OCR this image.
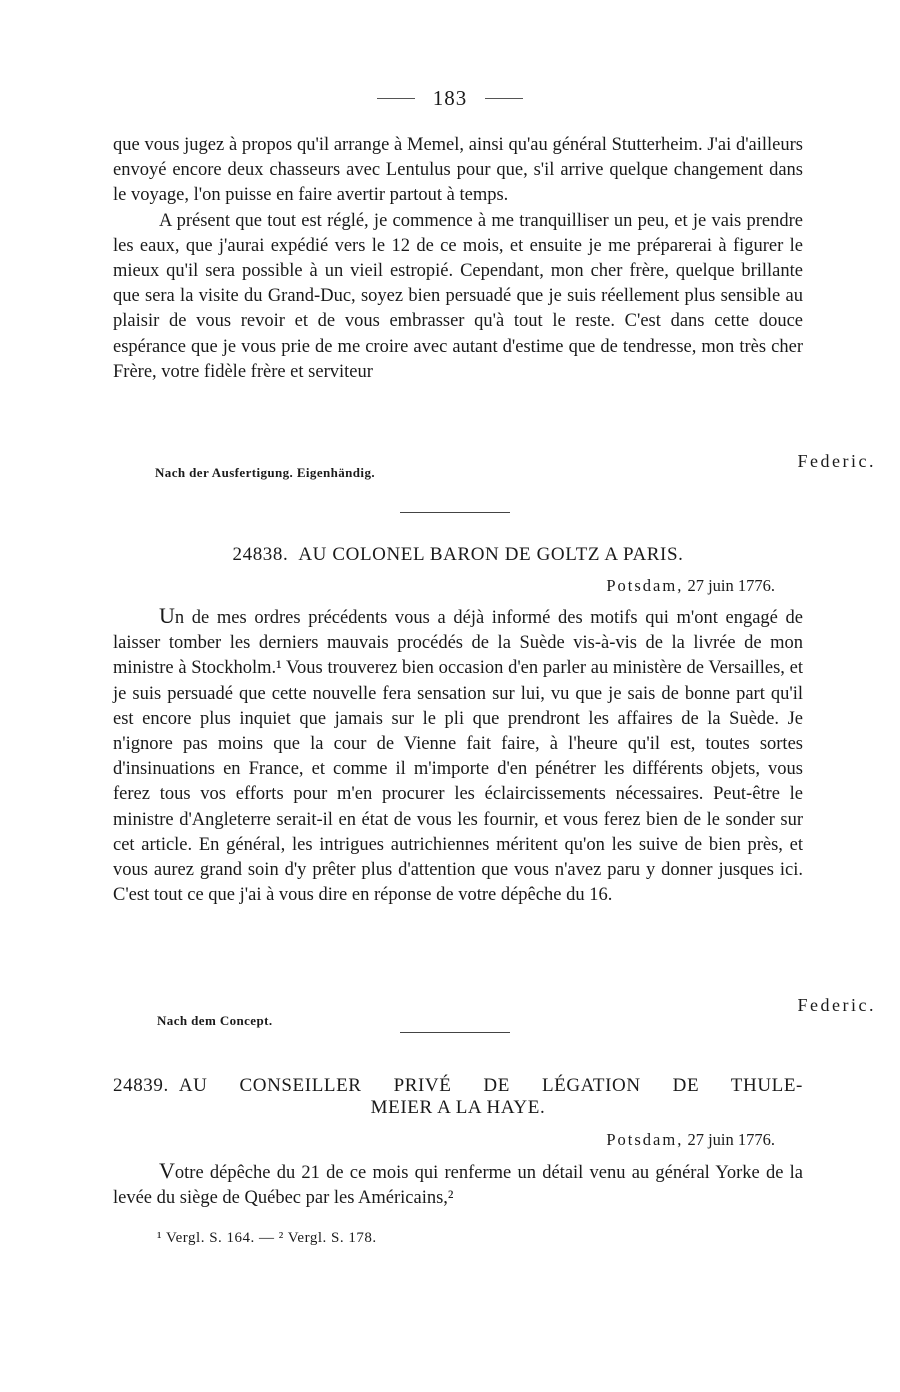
183

que vous jugez à propos qu'il arrange à Memel, ainsi qu'au général Stutterheim. J'ai d'ailleurs envoyé encore deux chasseurs avec Lentulus pour que, s'il arrive quelque changement dans le voyage, l'on puisse en faire avertir partout à temps.

A présent que tout est réglé, je commence à me tranquilliser un peu, et je vais prendre les eaux, que j'aurai expédié vers le 12 de ce mois, et ensuite je me préparerai à figurer le mieux qu'il sera possible à un vieil estropié. Cependant, mon cher frère, quelque brillante que sera la visite du Grand-Duc, soyez bien persuadé que je suis réellement plus sensible au plaisir de vous revoir et de vous embrasser qu'à tout le reste. C'est dans cette douce espérance que je vous prie de me croire avec autant d'estime que de tendresse, mon très cher Frère, votre fidèle frère et serviteur

Federic.
Nach der Ausfertigung. Eigenhändig.
24838. AU COLONEL BARON DE GOLTZ A PARIS.
Potsdam, 27 juin 1776.

Un de mes ordres précédents vous a déjà informé des motifs qui m'ont engagé de laisser tomber les derniers mauvais procédés de la Suède vis-à-vis de la livrée de mon ministre à Stockholm.¹ Vous trouverez bien occasion d'en parler au ministère de Versailles, et je suis persuadé que cette nouvelle fera sensation sur lui, vu que je sais de bonne part qu'il est encore plus inquiet que jamais sur le pli que prendront les affaires de la Suède. Je n'ignore pas moins que la cour de Vienne fait faire, à l'heure qu'il est, toutes sortes d'insinuations en France, et comme il m'importe d'en pénétrer les différents objets, vous ferez tous vos efforts pour m'en procurer les éclaircissements nécessaires. Peut-être le ministre d'Angleterre serait-il en état de vous les fournir, et vous ferez bien de le sonder sur cet article. En général, les intrigues autrichiennes méritent qu'on les suive de bien près, et vous aurez grand soin d'y prêter plus d'attention que vous n'avez paru y donner jusques ici. C'est tout ce que j'ai à vous dire en réponse de votre dépêche du 16.

Federic.
Nach dem Concept.
24839. AU CONSEILLER PRIVÉ DE LÉGATION DE THULE-
MEIER A LA HAYE.
Potsdam, 27 juin 1776.

Votre dépêche du 21 de ce mois qui renferme un détail venu au général Yorke de la levée du siège de Québec par les Américains,²

¹ Vergl. S. 164. — ² Vergl. S. 178.
